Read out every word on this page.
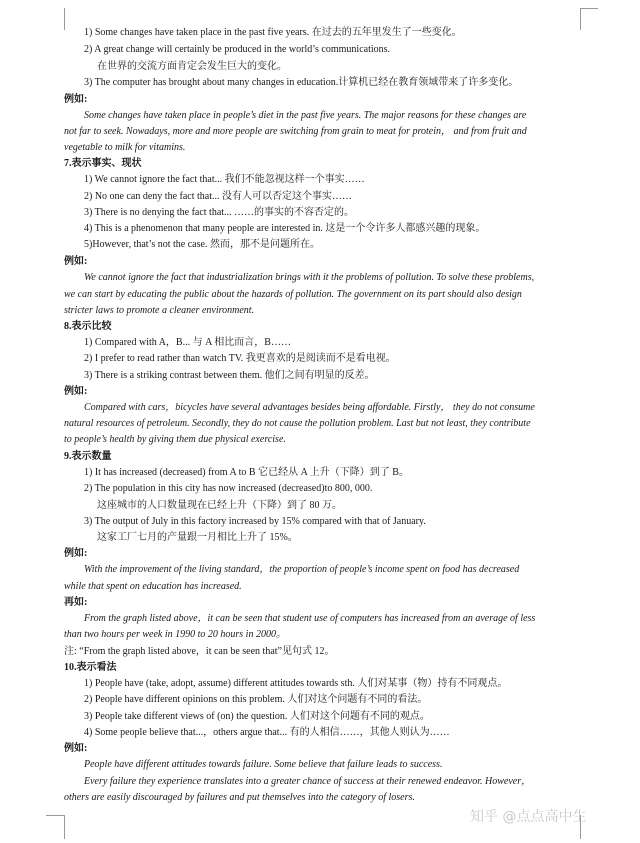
1) Some changes have taken place in the past five years. 在过去的五年里发生了一些变化。
2) A great change will certainly be produced in the world’s communications.
在世界的交流方面肯定会发生巨大的变化。
3) The computer has brought about many changes in education.计算机已经在教育领域带来了许多变化。
例如:
Some changes have taken place in people’s diet in the past five years. The major reasons for these changes are
not far to seek. Nowadays, more and more people are switching from grain to meat for protein， and from fruit and
vegetable to milk for vitamins.
7.表示事实、现状
1) We cannot ignore the fact that... 我们不能忽视这样一个事实……
2) No one can deny the fact that... 没有人可以否定这个事实……
3) There is no denying the fact that... ……的事实的不容否定的。
4) This is a phenomenon that many people are interested in. 这是一个令许多人都感兴趣的现象。
5)However, that’s not the case. 然而，那不是问题所在。
例如:
We cannot ignore the fact that industrialization brings with it the problems of pollution. To solve these problems,
we can start by educating the public about the hazards of pollution. The government on its part should also design
stricter laws to promote a cleaner environment.
8.表示比较
1) Compared with A，B... 与 A 相比而言，B……
2) I prefer to read rather than watch TV. 我更喜欢的是阅读而不是看电视。
3) There is a striking contrast between them. 他们之间有明显的反差。
例如:
Compared with cars，bicycles have several advantages besides being affordable. Firstly， they do not consume
natural resources of petroleum. Secondly, they do not cause the pollution problem. Last but not least, they contribute
to people’s health by giving them due physical exercise.
9.表示数量
1) It has increased (decreased) from A to B 它已经从 A 上升（下降）到了 B。
2) The population in this city has now increased (decreased)to 800, 000.
这座城市的人口数量现在已经上升（下降）到了 80 万。
3) The output of July in this factory increased by 15% compared with that of January.
这家工厂七月的产量跟一月相比上升了 15%。
例如:
With the improvement of the living standard，the proportion of people’s income spent on food has decreased
while that spent on education has increased.
再如:
From the graph listed above，it can be seen that student use of computers has increased from an average of less
than two hours per week in 1990 to 20 hours in 2000。
注: “From the graph listed above，it can be seen that”见句式 12。
10.表示看法
1) People have (take, adopt, assume) different attitudes towards sth. 人们对某事（物）持有不同观点。
2) People have different opinions on this problem. 人们对这个问题有不同的看法。
3) People take different views of (on) the question. 人们对这个问题有不同的观点。
4) Some people believe that...，others argue that... 有的人相信……，其他人则认为……
例如:
People have different attitudes towards failure. Some believe that failure leads to success.
Every failure they experience translates into a greater chance of success at their renewed endeavor. However，
others are easily discouraged by failures and put themselves into the category of losers.
知乎 @点点高中生
